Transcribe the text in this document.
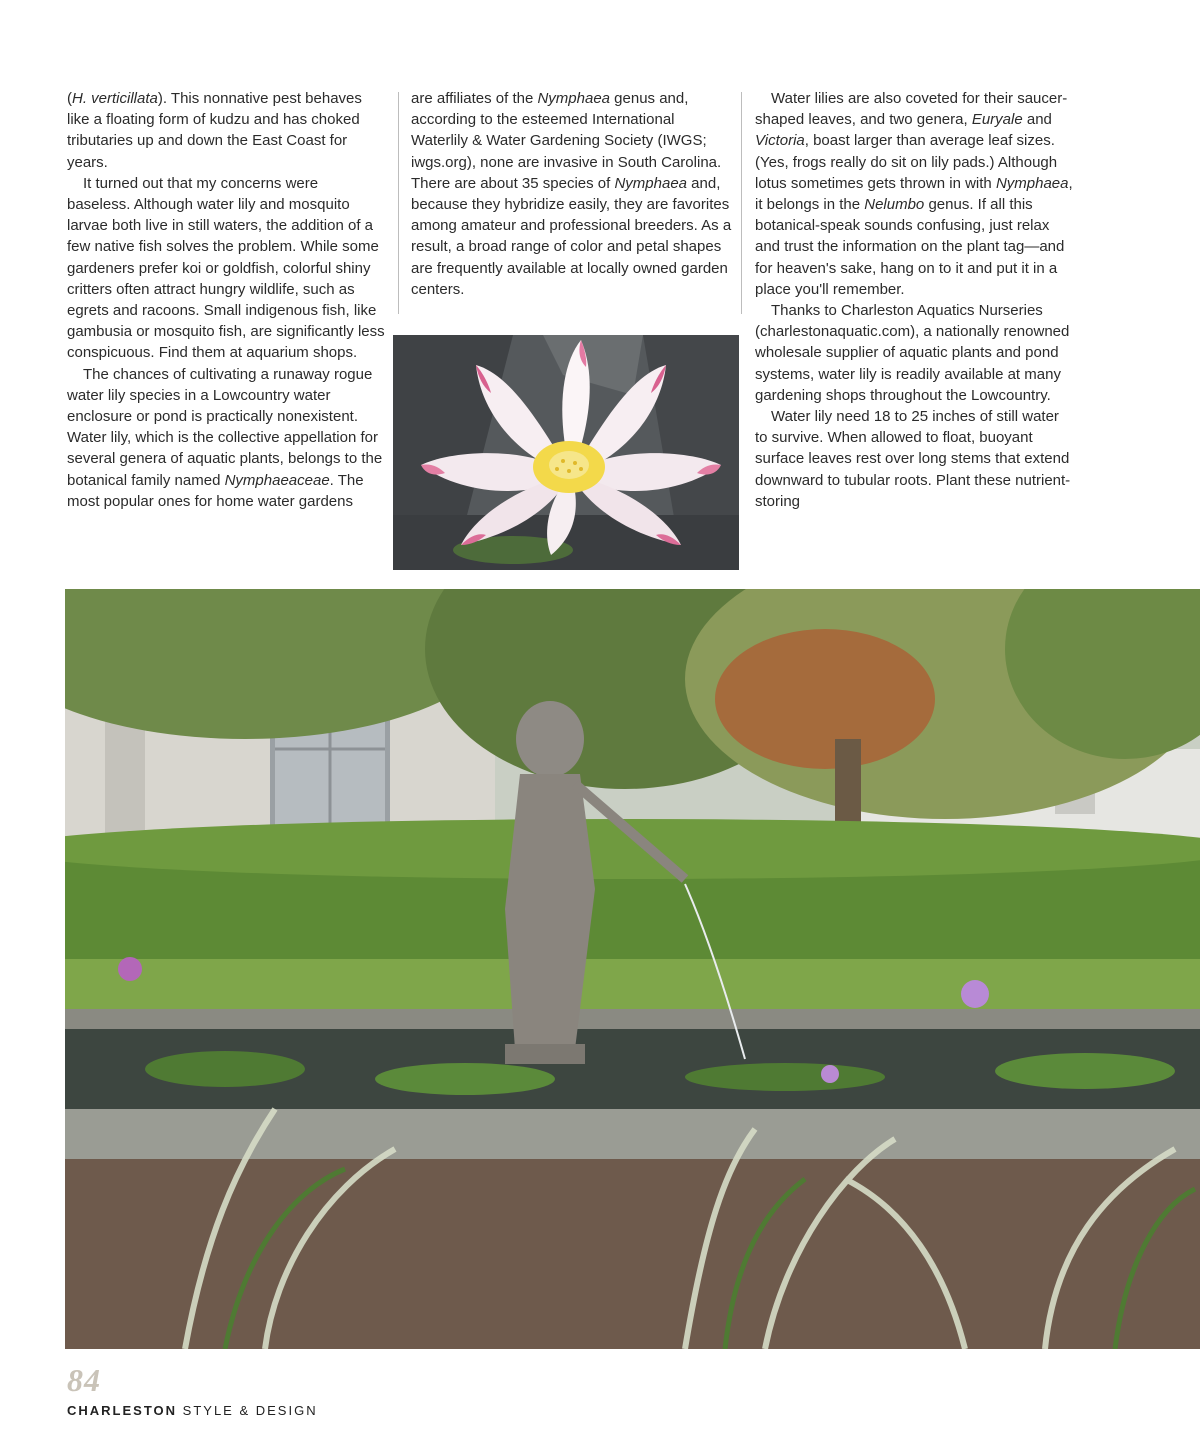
(H. verticillata). This nonnative pest behaves like a floating form of kudzu and has choked tributaries up and down the East Coast for years.

It turned out that my concerns were baseless. Although water lily and mosquito larvae both live in still waters, the addition of a few native fish solves the problem. While some gardeners prefer koi or goldfish, colorful shiny critters often attract hungry wildlife, such as egrets and racoons. Small indigenous fish, like gambusia or mosquito fish, are significantly less conspicuous. Find them at aquarium shops.

The chances of cultivating a runaway rogue water lily species in a Lowcountry water enclosure or pond is practically nonexistent. Water lily, which is the collective appellation for several genera of aquatic plants, belongs to the botanical family named Nymphaeaceae. The most popular ones for home water gardens

are affiliates of the Nymphaea genus and, according to the esteemed International Waterlily & Water Gardening Society (IWGS; iwgs.org), none are invasive in South Carolina. There are about 35 species of Nymphaea and, because they hybridize easily, they are favorites among amateur and professional breeders. As a result, a broad range of color and petal shapes are frequently available at locally owned garden centers.

Water lilies are also coveted for their saucer-shaped leaves, and two genera, Euryale and Victoria, boast larger than average leaf sizes. (Yes, frogs really do sit on lily pads.) Although lotus sometimes gets thrown in with Nymphaea, it belongs in the Nelumbo genus. If all this botanical-speak sounds confusing, just relax and trust the information on the plant tag—and for heaven's sake, hang on to it and put it in a place you'll remember.

Thanks to Charleston Aquatics Nurseries (charlestonaquatic.com), a nationally renowned wholesale supplier of aquatic plants and pond systems, water lily is readily available at many gardening shops throughout the Lowcountry.

Water lily need 18 to 25 inches of still water to survive. When allowed to float, buoyant surface leaves rest over long stems that extend downward to tubular roots. Plant these nutrient-storing

84
CHARLESTON STYLE & DESIGN
